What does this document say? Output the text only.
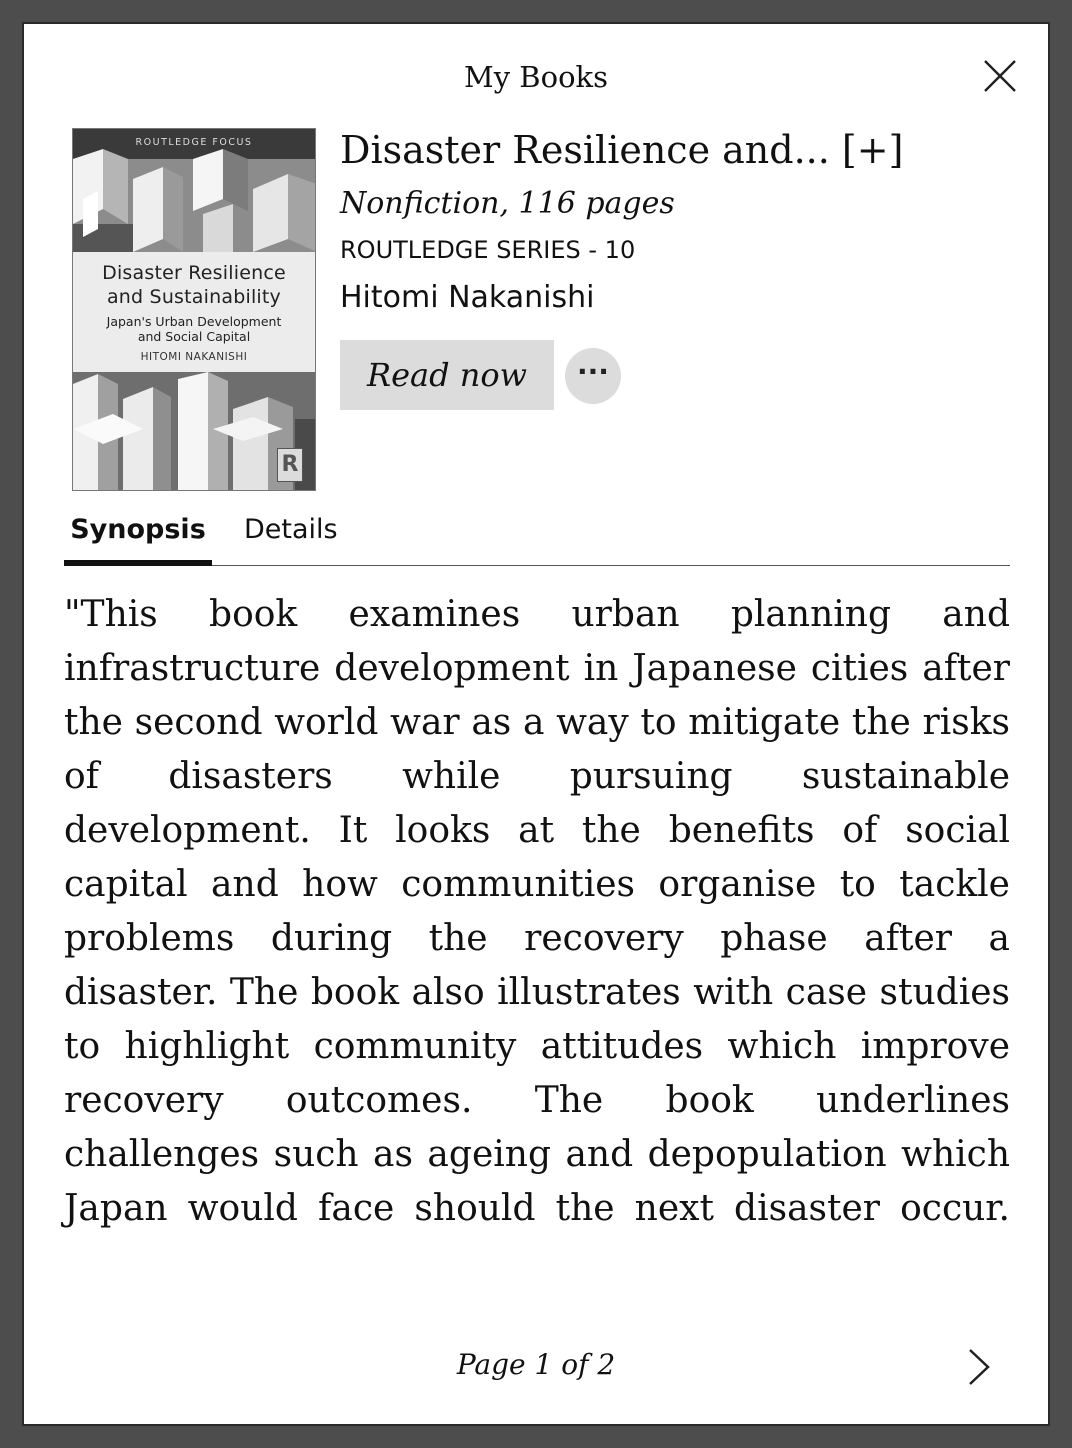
My Books
ROUTLEDGE FOCUS
Disaster Resilience
and Sustainability
Japan's Urban Development
and Social Capital
HITOMI NAKANISHI
R
Disaster Resilience and... [+]
Nonfiction, 116 pages
ROUTLEDGE SERIES - 10
Hitomi Nakanishi
Read now	···
Synopsis Details
"This book examines urban planning and infrastructure development in Japanese cities after the second world war as a way to mitigate the risks of disasters while pursuing sustainable development. It looks at the benefits of social capital and how communities organise to tackle problems during the recovery phase after a disaster. The book also illustrates with case studies to highlight community attitudes which improve recovery outcomes. The book underlines challenges such as ageing and depopulation which Japan would face should the next disaster occur.
Page 1 of 2
